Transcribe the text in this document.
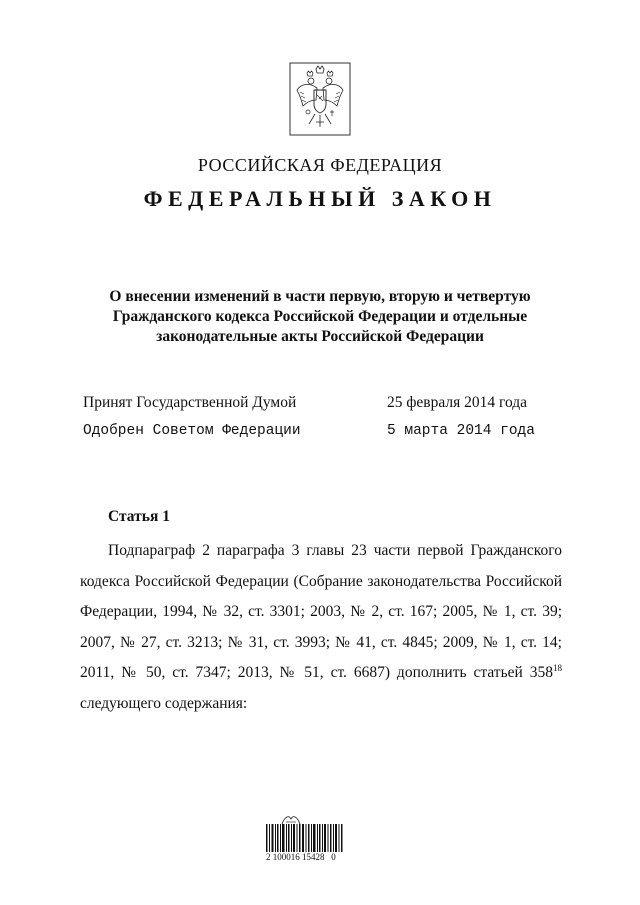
РОССИЙСКАЯ ФЕДЕРАЦИЯ
ФЕДЕРАЛЬНЫЙ ЗАКОН
О внесении изменений в части первую, вторую и четвертую
Гражданского кодекса Российской Федерации и отдельные
законодательные акты Российской Федерации
Принят Государственной Думой	25 февраля 2014 года
Одобрен Советом Федерации	5 марта 2014 года
Статья 1
Подпараграф 2 параграфа 3 главы 23 части первой Гражданского кодекса Российской Федерации (Собрание законодательства Российской Федерации, 1994, № 32, ст. 3301; 2003, № 2, ст. 167; 2005, № 1, ст. 39; 2007, № 27, ст. 3213; № 31, ст. 3993; № 41, ст. 4845; 2009, № 1, ст. 14; 2011, № 50, ст. 7347; 2013, № 51, ст. 6687) дополнить статьей $358^{18}$ следующего содержания:
2 100016 15428   0
